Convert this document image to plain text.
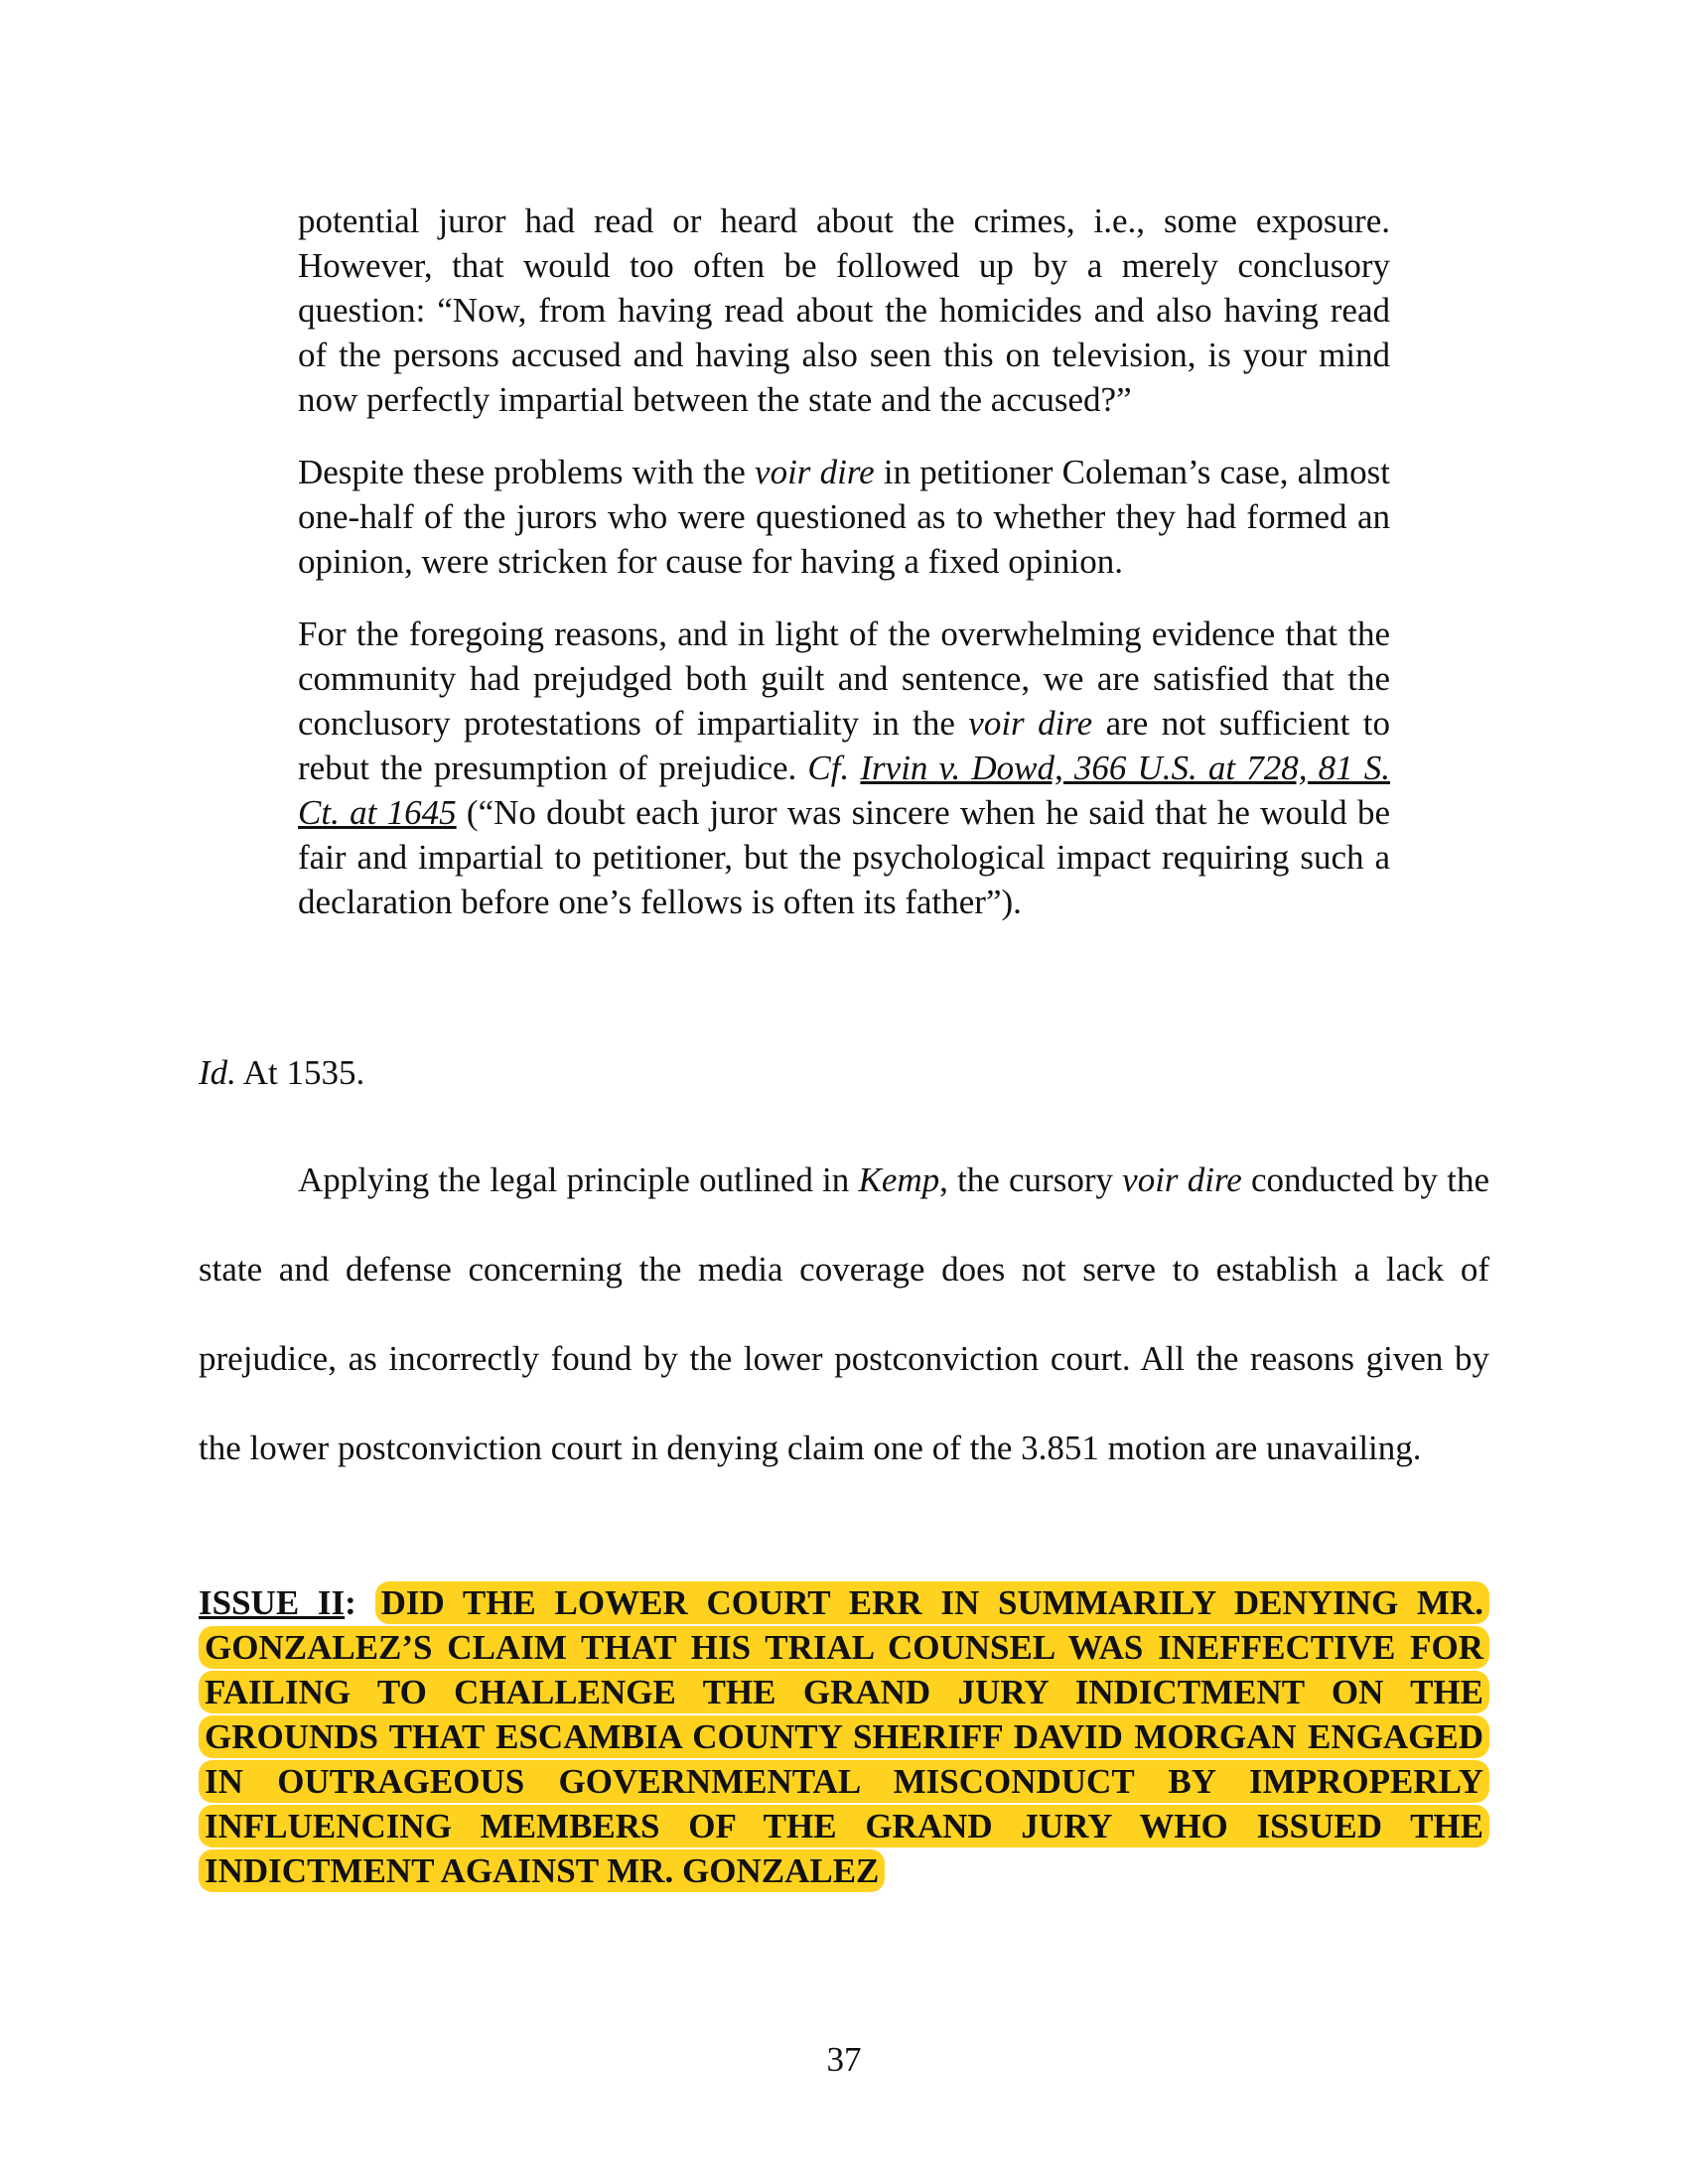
potential juror had read or heard about the crimes, i.e., some exposure. However, that would too often be followed up by a merely conclusory question: “Now, from having read about the homicides and also having read of the persons accused and having also seen this on television, is your mind now perfectly impartial between the state and the accused?”

Despite these problems with the voir dire in petitioner Coleman’s case, almost one-half of the jurors who were questioned as to whether they had formed an opinion, were stricken for cause for having a fixed opinion.

For the foregoing reasons, and in light of the overwhelming evidence that the community had prejudged both guilt and sentence, we are satisfied that the conclusory protestations of impartiality in the voir dire are not sufficient to rebut the presumption of prejudice. Cf. Irvin v. Dowd, 366 U.S. at 728, 81 S. Ct. at 1645 (“No doubt each juror was sincere when he said that he would be fair and impartial to petitioner, but the psychological impact requiring such a declaration before one’s fellows is often its father”).

Id. At 1535.

Applying the legal principle outlined in Kemp, the cursory voir dire conducted by the state and defense concerning the media coverage does not serve to establish a lack of prejudice, as incorrectly found by the lower postconviction court. All the reasons given by the lower postconviction court in denying claim one of the 3.851 motion are unavailing.

ISSUE II: DID THE LOWER COURT ERR IN SUMMARILY DENYING MR. GONZALEZ’S CLAIM THAT HIS TRIAL COUNSEL WAS INEFFECTIVE FOR FAILING TO CHALLENGE THE GRAND JURY INDICTMENT ON THE GROUNDS THAT ESCAMBIA COUNTY SHERIFF DAVID MORGAN ENGAGED IN OUTRAGEOUS GOVERNMENTAL MISCONDUCT BY IMPROPERLY INFLUENCING MEMBERS OF THE GRAND JURY WHO ISSUED THE INDICTMENT AGAINST MR. GONZALEZ

37
